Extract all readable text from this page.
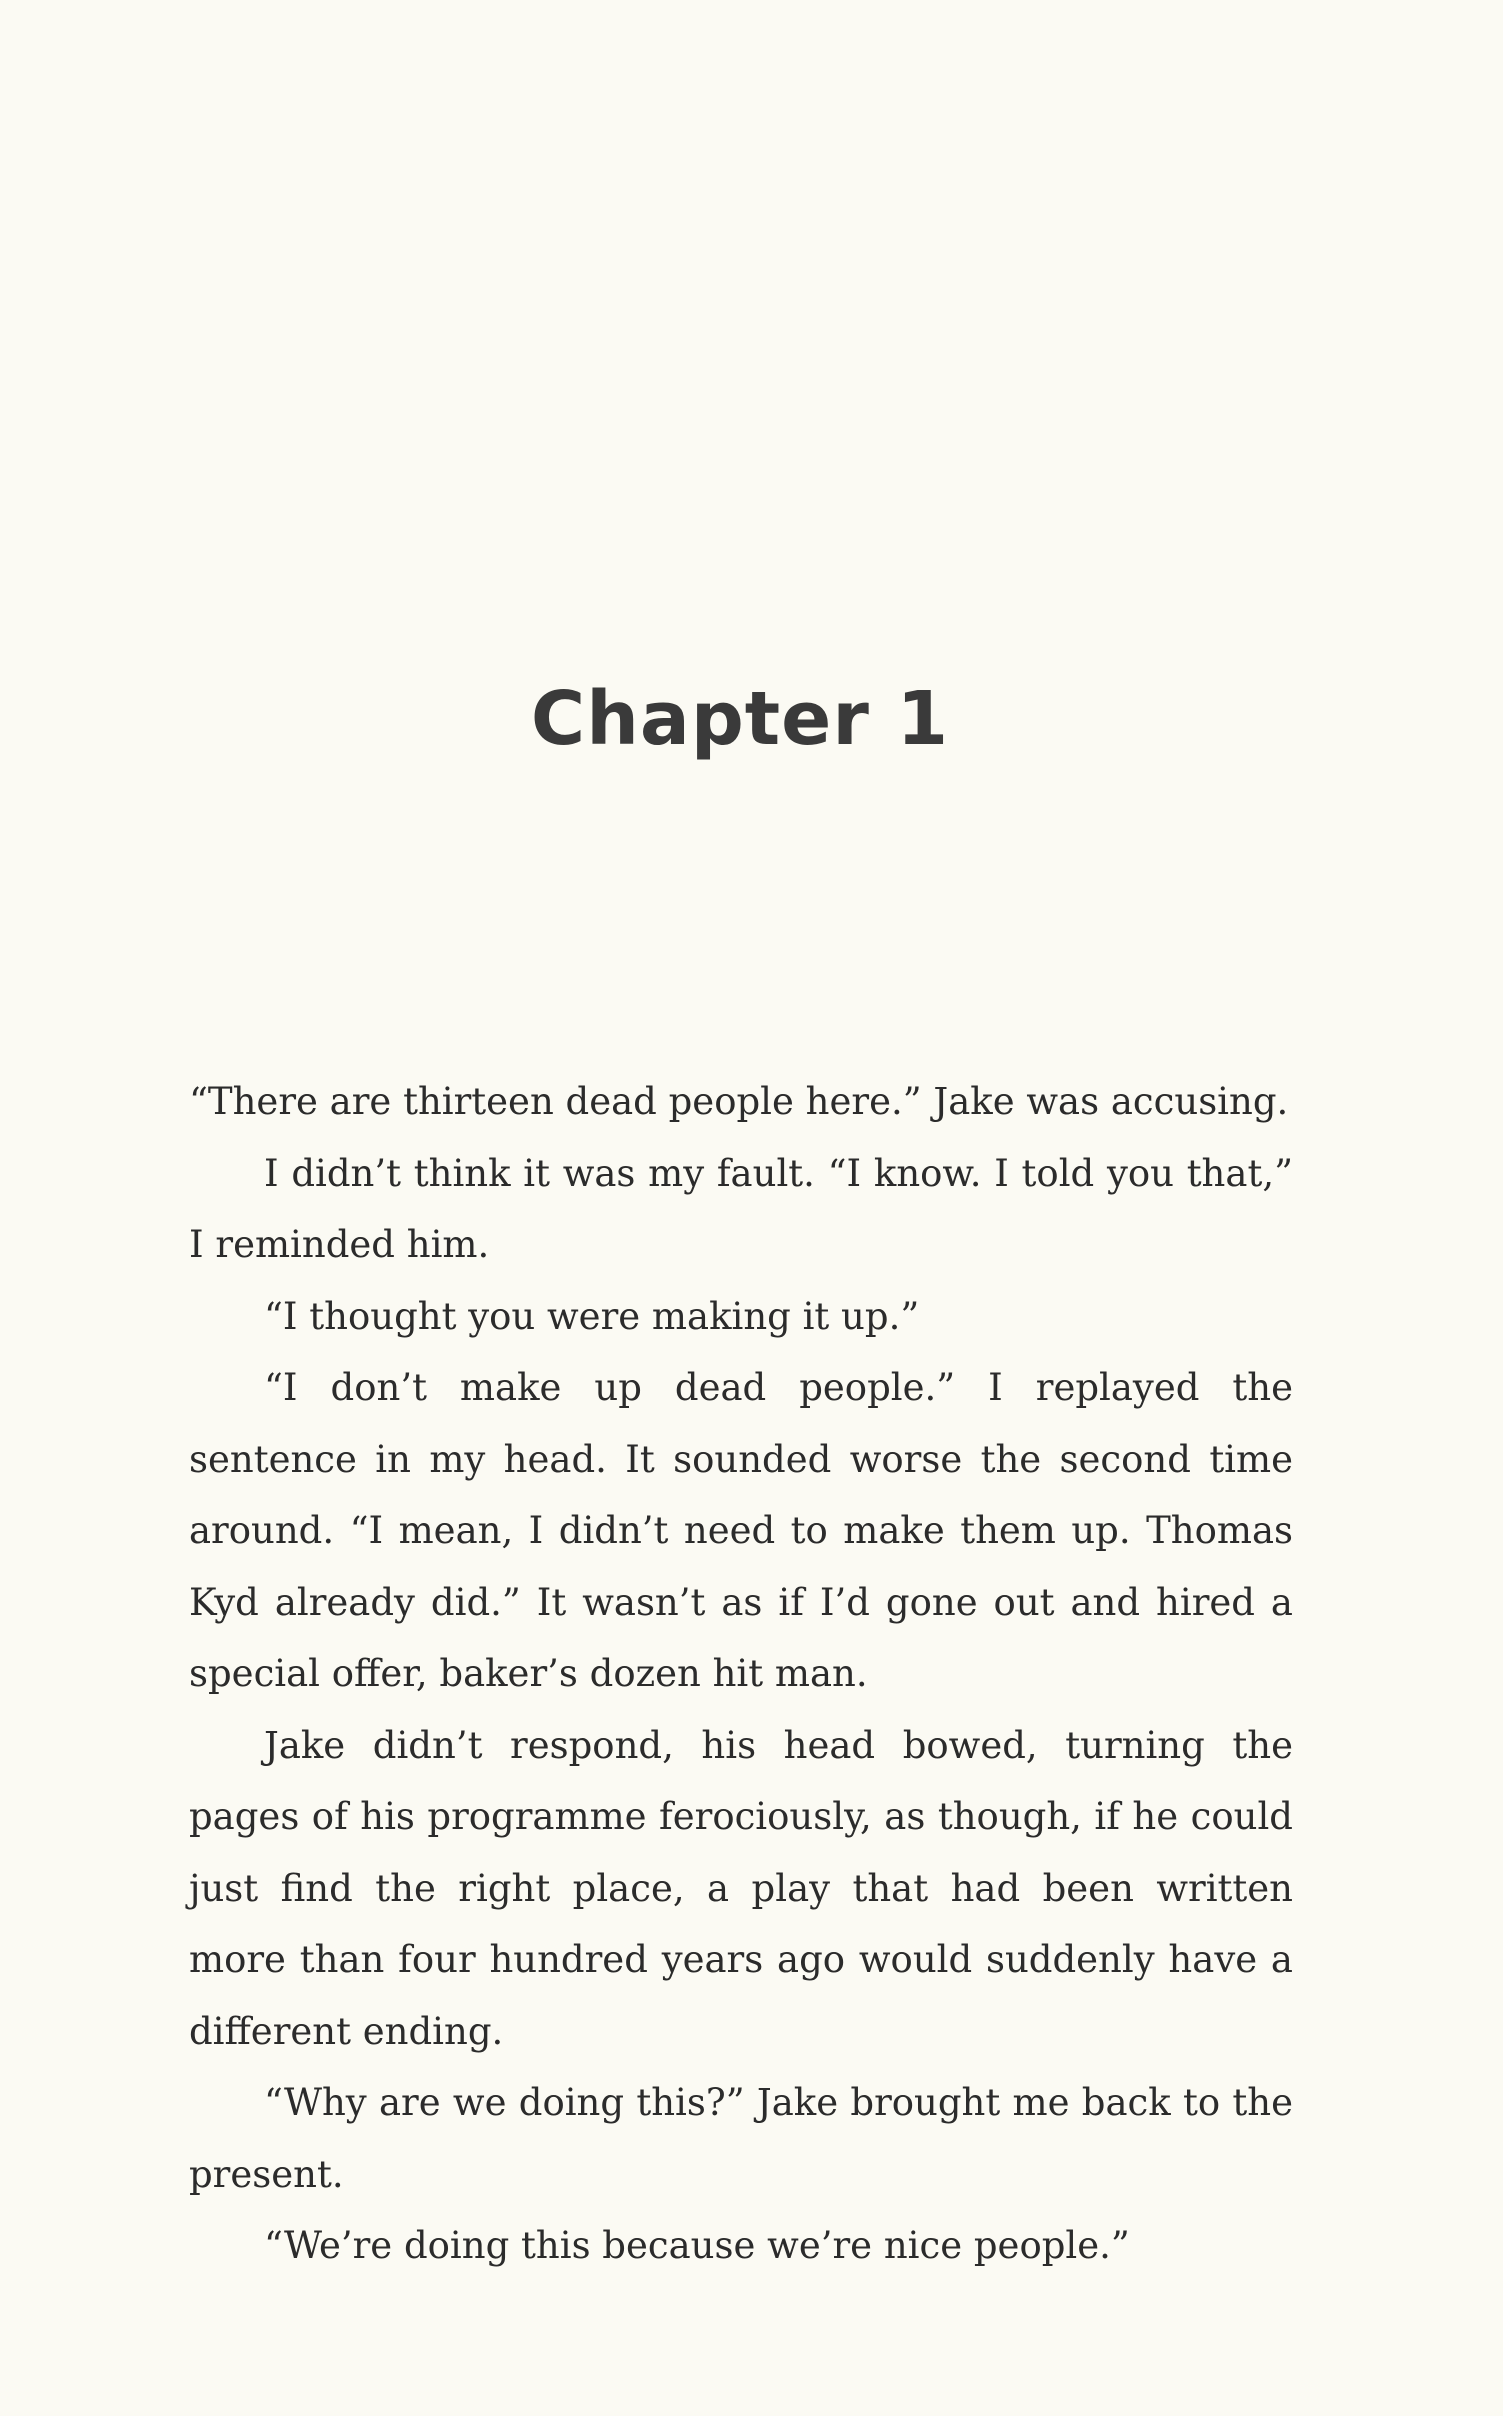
Chapter 1

“There are thirteen dead people here.” Jake was accusing.

I didn’t think it was my fault. “I know. I told you that,” I reminded him.

“I thought you were making it up.”

“I don’t make up dead people.” I replayed the sentence in my head. It sounded worse the second time around. “I mean, I didn’t need to make them up. Thomas Kyd already did.” It wasn’t as if I’d gone out and hired a special offer, baker’s dozen hit man.

Jake didn’t respond, his head bowed, turning the pages of his programme ferociously, as though, if he could just find the right place, a play that had been written more than four hundred years ago would suddenly have a different ending.

“Why are we doing this?” Jake brought me back to the present.

“We’re doing this because we’re nice people.”
